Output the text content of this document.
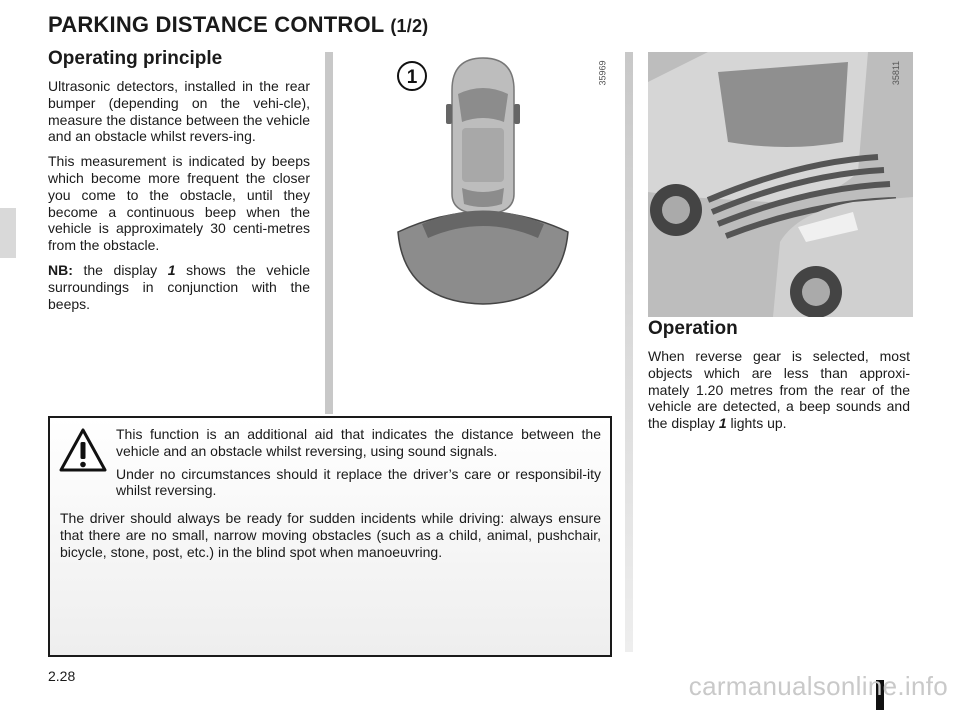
PARKING DISTANCE CONTROL (1/2)
Operating principle

Ultrasonic detectors, installed in the rear bumper (depending on the vehi-cle), measure the distance between the vehicle and an obstacle whilst revers-ing.

This measurement is indicated by beeps which become more frequent the closer you come to the obstacle, until they become a continuous beep when the vehicle is approximately 30 centi-metres from the obstacle.

NB: the display 1 shows the vehicle surroundings in conjunction with the beeps.

1	35969	35811
Operation

When reverse gear is selected, most objects which are less than approxi-mately 1.20 metres from the rear of the vehicle are detected, a beep sounds and the display 1 lights up.

This function is an additional aid that indicates the distance between the vehicle and an obstacle whilst reversing, using sound signals.

Under no circumstances should it replace the driver’s care or responsibil-ity whilst reversing.

The driver should always be ready for sudden incidents while driving: always ensure that there are no small, narrow moving obstacles (such as a child, animal, pushchair, bicycle, stone, post, etc.) in the blind spot when manoeuvring.

2.28	carmanualsonline.info
